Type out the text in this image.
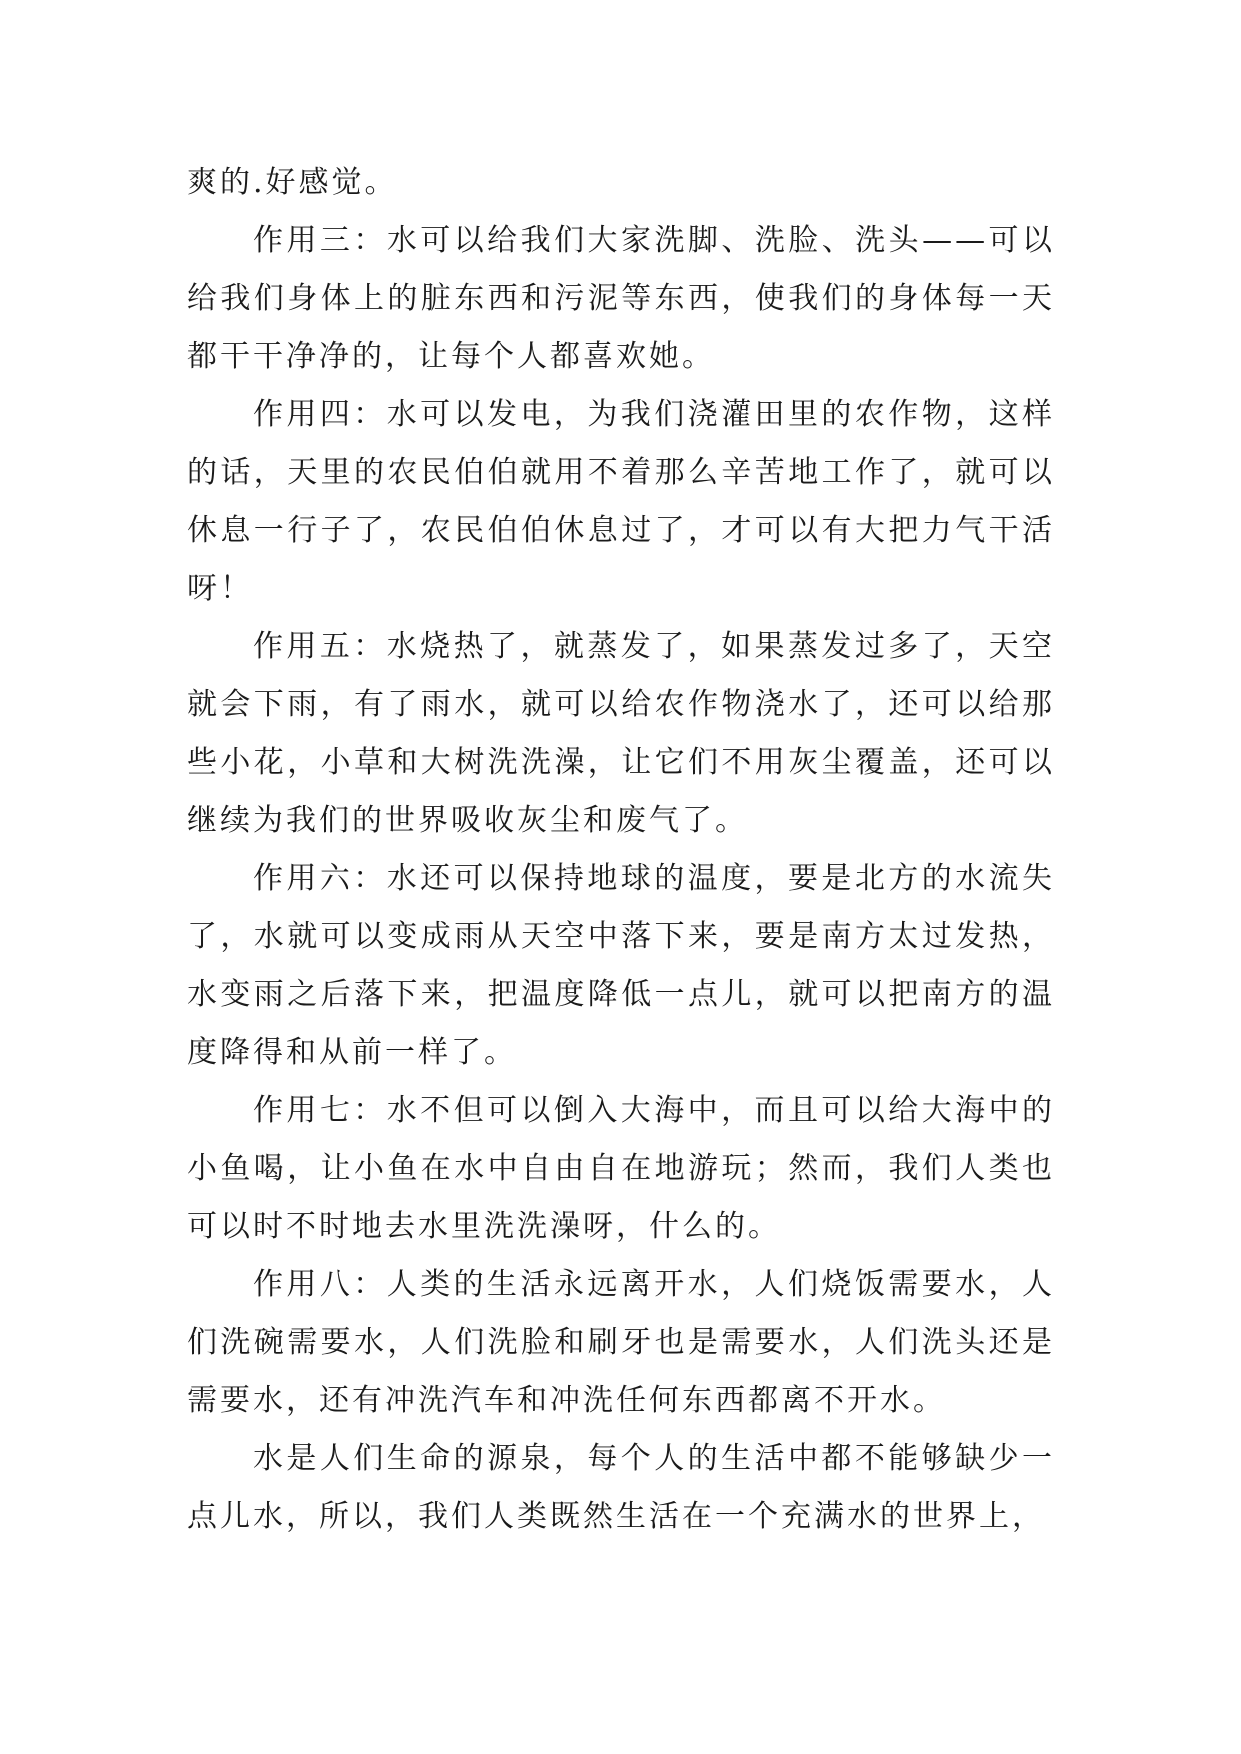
爽的.好感觉。

作用三：水可以给我们大家洗脚、洗脸、洗头——可以给我们身体上的脏东西和污泥等东西，使我们的身体每一天都干干净净的，让每个人都喜欢她。

作用四：水可以发电，为我们浇灌田里的农作物，这样的话，天里的农民伯伯就用不着那么辛苦地工作了，就可以休息一行子了，农民伯伯休息过了，才可以有大把力气干活呀！

作用五：水烧热了，就蒸发了，如果蒸发过多了，天空就会下雨，有了雨水，就可以给农作物浇水了，还可以给那些小花，小草和大树洗洗澡，让它们不用灰尘覆盖，还可以继续为我们的世界吸收灰尘和废气了。

作用六：水还可以保持地球的温度，要是北方的水流失了，水就可以变成雨从天空中落下来，要是南方太过发热，水变雨之后落下来，把温度降低一点儿，就可以把南方的温度降得和从前一样了。

作用七：水不但可以倒入大海中，而且可以给大海中的小鱼喝，让小鱼在水中自由自在地游玩；然而，我们人类也可以时不时地去水里洗洗澡呀，什么的。

作用八：人类的生活永远离开水，人们烧饭需要水，人们洗碗需要水，人们洗脸和刷牙也是需要水，人们洗头还是需要水，还有冲洗汽车和冲洗任何东西都离不开水。

水是人们生命的源泉，每个人的生活中都不能够缺少一点儿水，所以，我们人类既然生活在一个充满水的世界上，
